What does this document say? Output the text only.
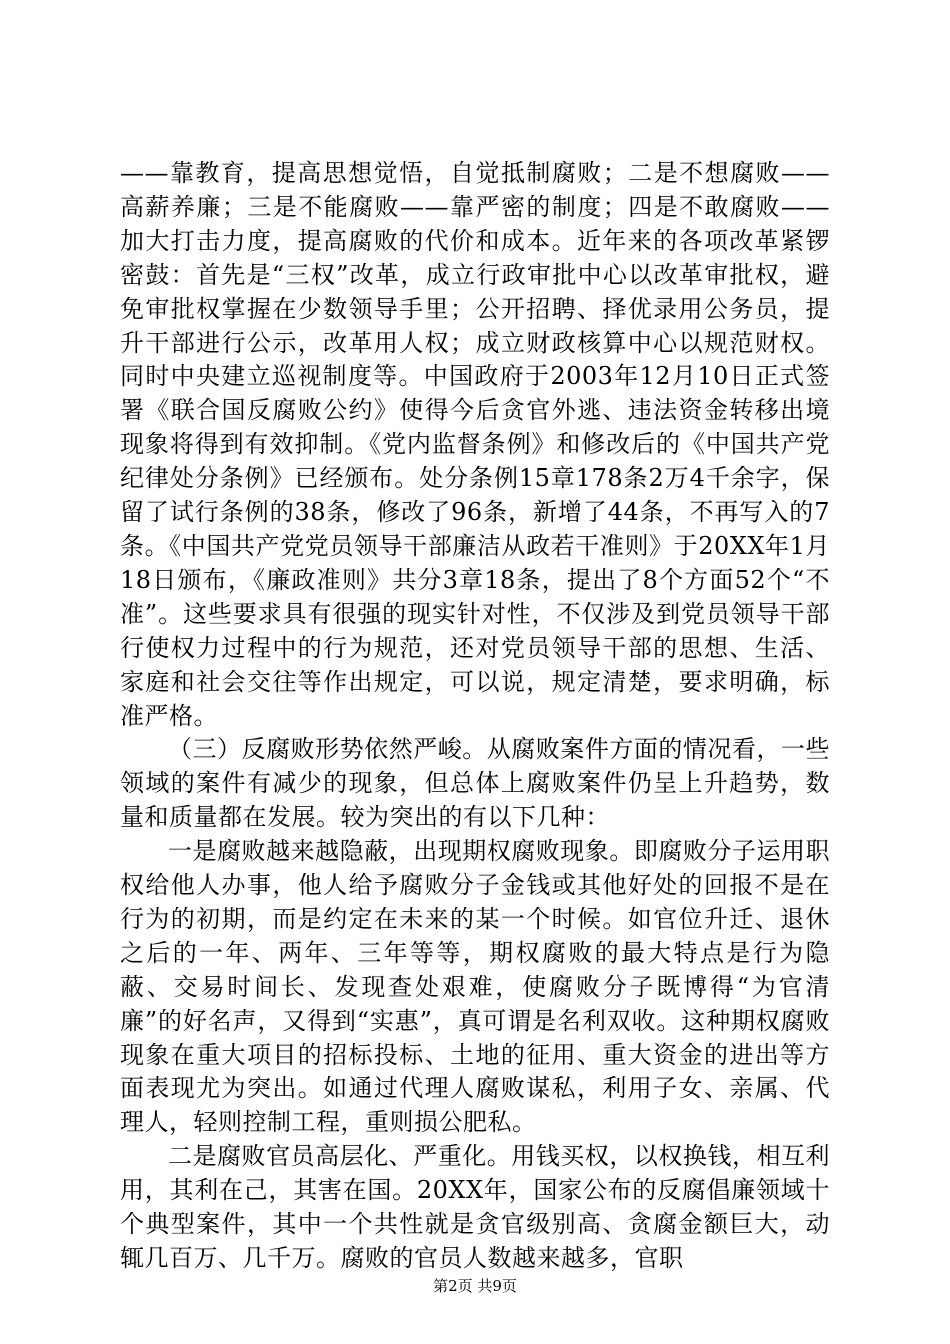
——靠教育，提高思想觉悟，自觉抵制腐败；二是不想腐败——高薪养廉；三是不能腐败——靠严密的制度；四是不敢腐败——加大打击力度，提高腐败的代价和成本。近年来的各项改革紧锣密鼓：首先是“三权”改革，成立行政审批中心以改革审批权，避免审批权掌握在少数领导手里；公开招聘、择优录用公务员，提升干部进行公示，改革用人权；成立财政核算中心以规范财权。同时中央建立巡视制度等。中国政府于2003年12月10日正式签署《联合国反腐败公约》使得今后贪官外逃、违法资金转移出境现象将得到有效抑制。《党内监督条例》和修改后的《中国共产党纪律处分条例》已经颁布。处分条例15章178条2万4千余字，保留了试行条例的38条，修改了96条，新增了44条，不再写入的7条。《中国共产党党员领导干部廉洁从政若干准则》于20XX年1月18日颁布，《廉政准则》共分3章18条，提出了8个方面52个“不准”。这些要求具有很强的现实针对性，不仅涉及到党员领导干部行使权力过程中的行为规范，还对党员领导干部的思想、生活、家庭和社会交往等作出规定，可以说，规定清楚，要求明确，标准严格。

（三）反腐败形势依然严峻。从腐败案件方面的情况看，一些领域的案件有减少的现象，但总体上腐败案件仍呈上升趋势，数量和质量都在发展。较为突出的有以下几种：

一是腐败越来越隐蔽，出现期权腐败现象。即腐败分子运用职权给他人办事，他人给予腐败分子金钱或其他好处的回报不是在行为的初期，而是约定在未来的某一个时候。如官位升迁、退休之后的一年、两年、三年等等，期权腐败的最大特点是行为隐蔽、交易时间长、发现查处艰难，使腐败分子既博得“为官清廉”的好名声，又得到“实惠”，真可谓是名利双收。这种期权腐败现象在重大项目的招标投标、土地的征用、重大资金的进出等方面表现尤为突出。如通过代理人腐败谋私，利用子女、亲属、代理人，轻则控制工程，重则损公肥私。

二是腐败官员高层化、严重化。用钱买权，以权换钱，相互利用，其利在己，其害在国。20XX年，国家公布的反腐倡廉领域十个典型案件，其中一个共性就是贪官级别高、贪腐金额巨大，动辄几百万、几千万。腐败的官员人数越来越多，官职

第2页 共9页
